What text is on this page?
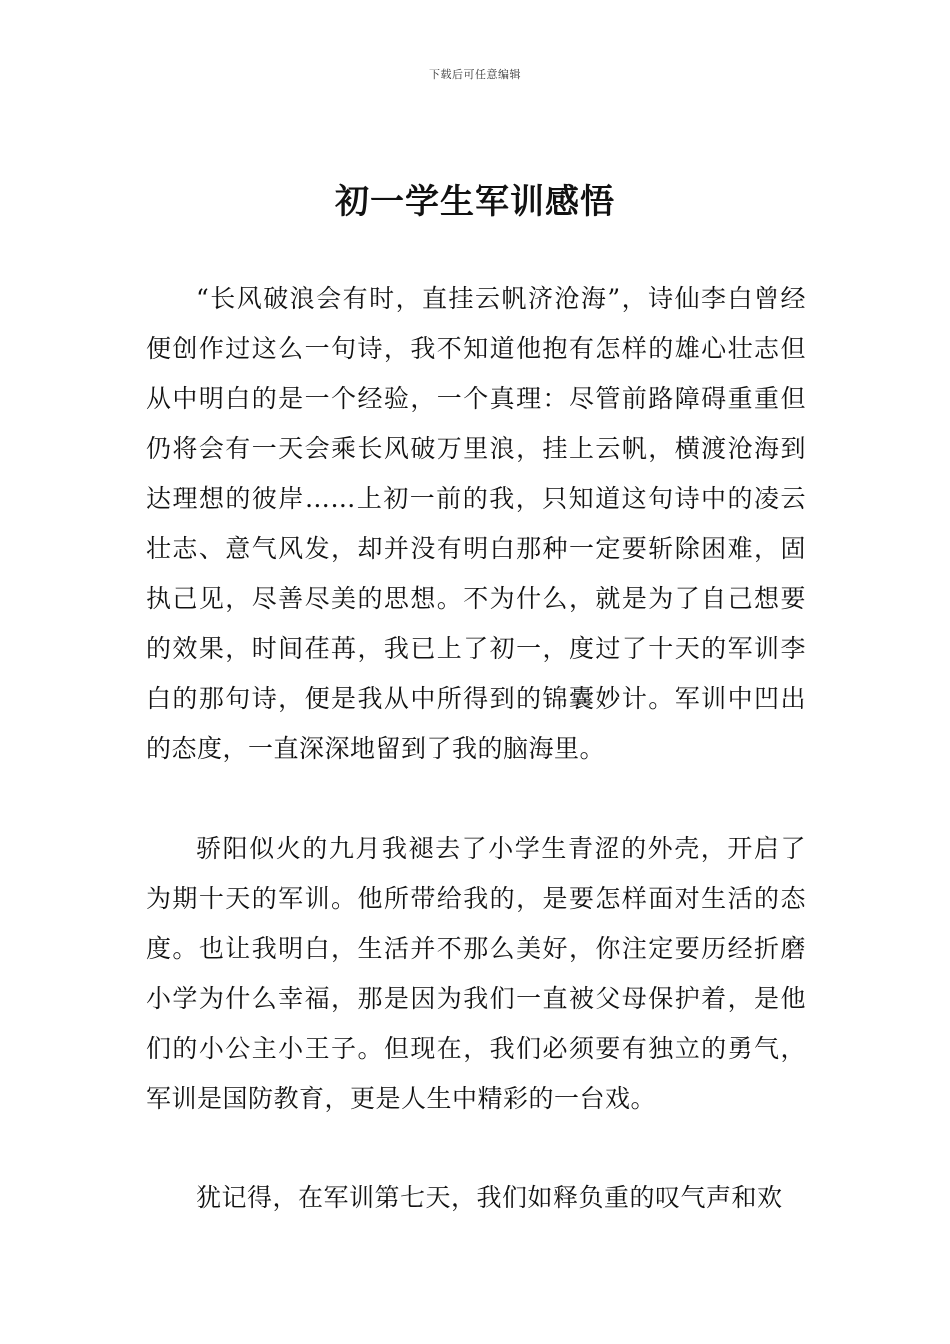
下载后可任意编辑
初一学生军训感悟

“长风破浪会有时，直挂云帆济沧海”，诗仙李白曾经便创作过这么一句诗，我不知道他抱有怎样的雄心壮志但从中明白的是一个经验，一个真理：尽管前路障碍重重但仍将会有一天会乘长风破万里浪，挂上云帆，横渡沧海到达理想的彼岸……上初一前的我，只知道这句诗中的凌云壮志、意气风发，却并没有明白那种一定要斩除困难，固执己见，尽善尽美的思想。不为什么，就是为了自己想要的效果，时间荏苒，我已上了初一，度过了十天的军训李白的那句诗，便是我从中所得到的锦囊妙计。军训中凹出的态度，一直深深地留到了我的脑海里。

骄阳似火的九月我褪去了小学生青涩的外壳，开启了为期十天的军训。他所带给我的，是要怎样面对生活的态度。也让我明白，生活并不那么美好，你注定要历经折磨小学为什么幸福，那是因为我们一直被父母保护着，是他们的小公主小王子。但现在，我们必须要有独立的勇气，军训是国防教育，更是人生中精彩的一台戏。

犹记得，在军训第七天，我们如释负重的叹气声和欢
